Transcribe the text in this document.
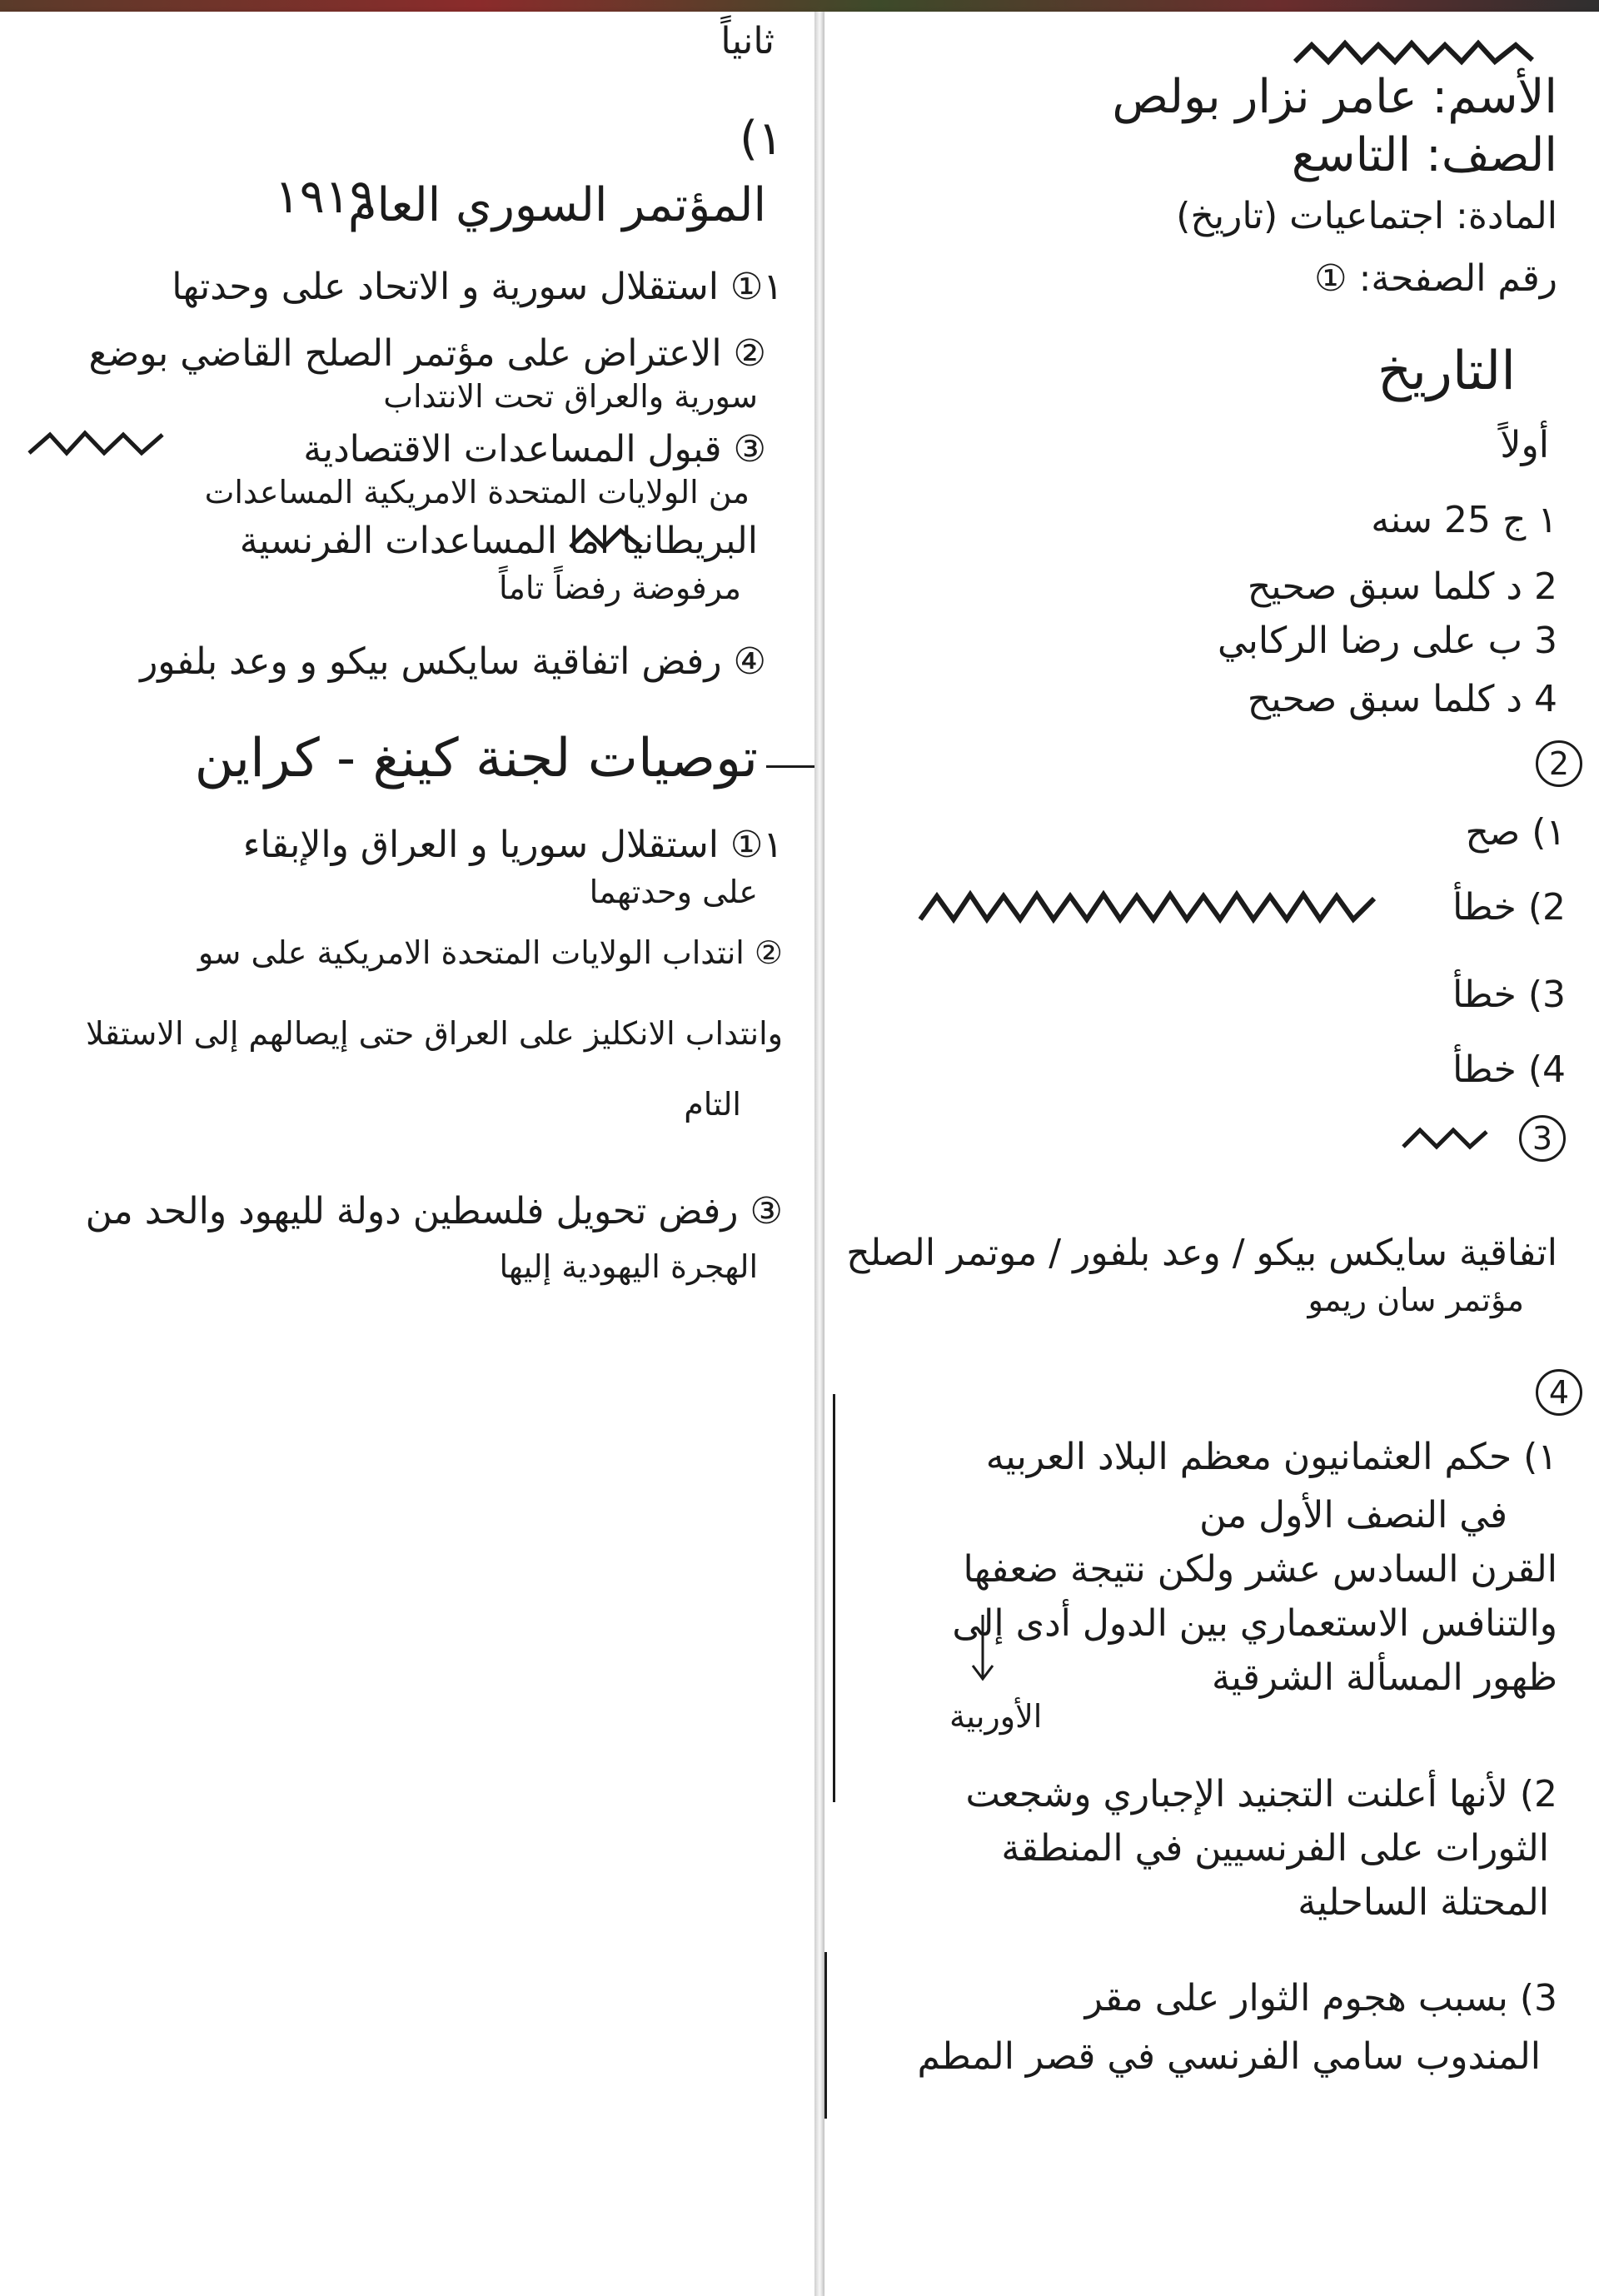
ثانياً
١)
المؤتمر السوري العام
١٩١٩
١① استقلال سورية و الاتحاد على وحدتها
② الاعتراض على مؤتمر الصلح القاضي بوضع
سورية والعراق تحت الانتداب
③ قبول المساعدات الاقتصادية
من الولايات المتحدة الامريكية المساعدات
البريطانيا اما المساعدات الفرنسية
مرفوضة رفضاً تاماً
④ رفض اتفاقية سايكس بيكو و وعد بلفور
توصيات لجنة كينغ - كراين
١① استقلال سوريا و العراق والإبقاء
على وحدتهما
② انتداب الولايات المتحدة الامريكية على سو
وانتداب الانكليز على العراق حتى إيصالهم إلى الاستقلا
التام
③ رفض تحويل فلسطين دولة لليهود والحد من
الهجرة اليهودية إليها
الأسم: عامر نزار بولص
الصف: التاسع
المادة: اجتماعيات (تاريخ)
رقم الصفحة: ①
التاريخ
أولاً
١ ج 25 سنه
2 د كلما سبق صحيح
3 ب على رضا الركابي
4 د كلما سبق صحيح
2
١) صح
2) خطأ
3) خطأ
4) خطأ
3
اتفاقية سايكس بيكو / وعد بلفور / موتمر الصلح
مؤتمر سان ريمو
4
١) حكم العثمانيون معظم البلاد العربيه
في النصف الأول من
القرن السادس عشر ولكن نتيجة ضعفها
والتنافس الاستعماري بين الدول أدى إلى
ظهور المسألة الشرقية
الأوربية
2) لأنها أعلنت التجنيد الإجباري وشجعت
الثورات على الفرنسيين في المنطقة
المحتلة الساحلية
3) بسبب هجوم الثوار على مقر
المندوب سامي الفرنسي في قصر المطم
